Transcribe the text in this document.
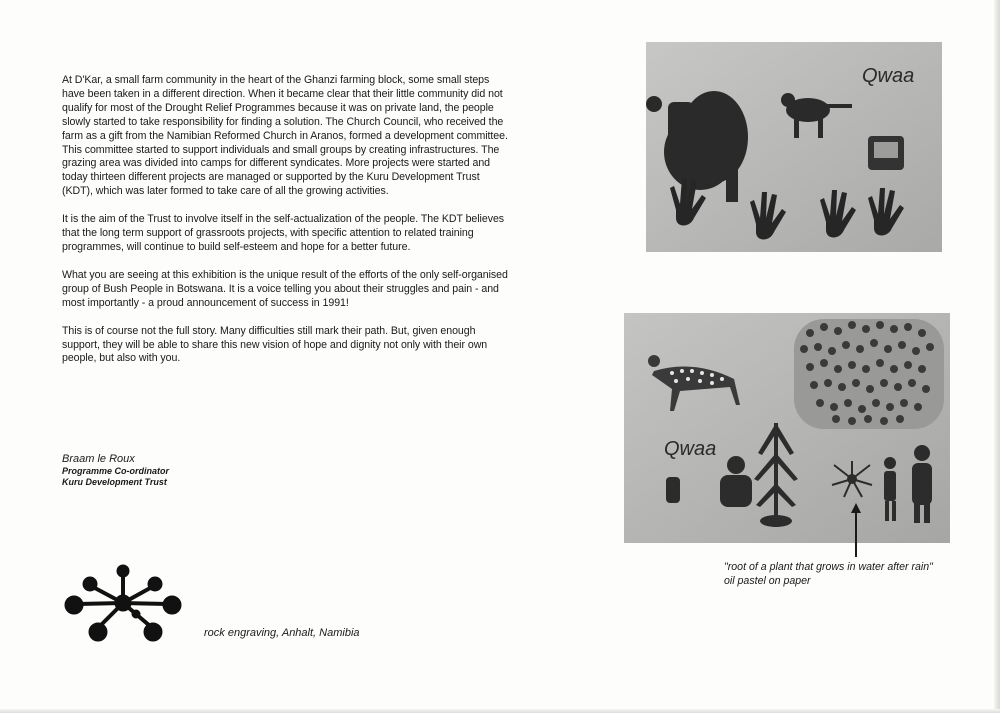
At D'Kar, a small farm community in the heart of the Ghanzi farming block, some small steps have been taken in a different direction. When it became clear that their little community did not qualify for most of the Drought Relief Programmes because it was on private land, the people slowly started to take responsibility for finding a solution. The Church Council, who received the farm as a gift from the Namibian Reformed Church in Aranos, formed a development committee. This committee started to support individuals and small groups by creating infrastructures. The grazing area was divided into camps for different syndicates. More projects were started and today thirteen different projects are managed or supported by the Kuru Development Trust (KDT), which was later formed to take care of all the growing activities.

It is the aim of the Trust to involve itself in the self-actualization of the people. The KDT believes that the long term support of grassroots projects, with specific attention to related training programmes, will continue to build self-esteem and hope for a better future.

What you are seeing at this exhibition is the unique result of the efforts of the only self-organised group of Bush People in Botswana. It is a voice telling you about their struggles and pain - and most importantly - a proud announcement of success in 1991!

This is of course not the full story. Many difficulties still mark their path. But, given enough support, they will be able to share this new vision of hope and dignity not only with their own people, but also with you.

Braam le Roux
Programme Co-ordinator
Kuru Development Trust
rock engraving, Anhalt, Namibia
Qwaa
Qwaa
"root of a plant that grows in water after rain"
oil pastel on paper
